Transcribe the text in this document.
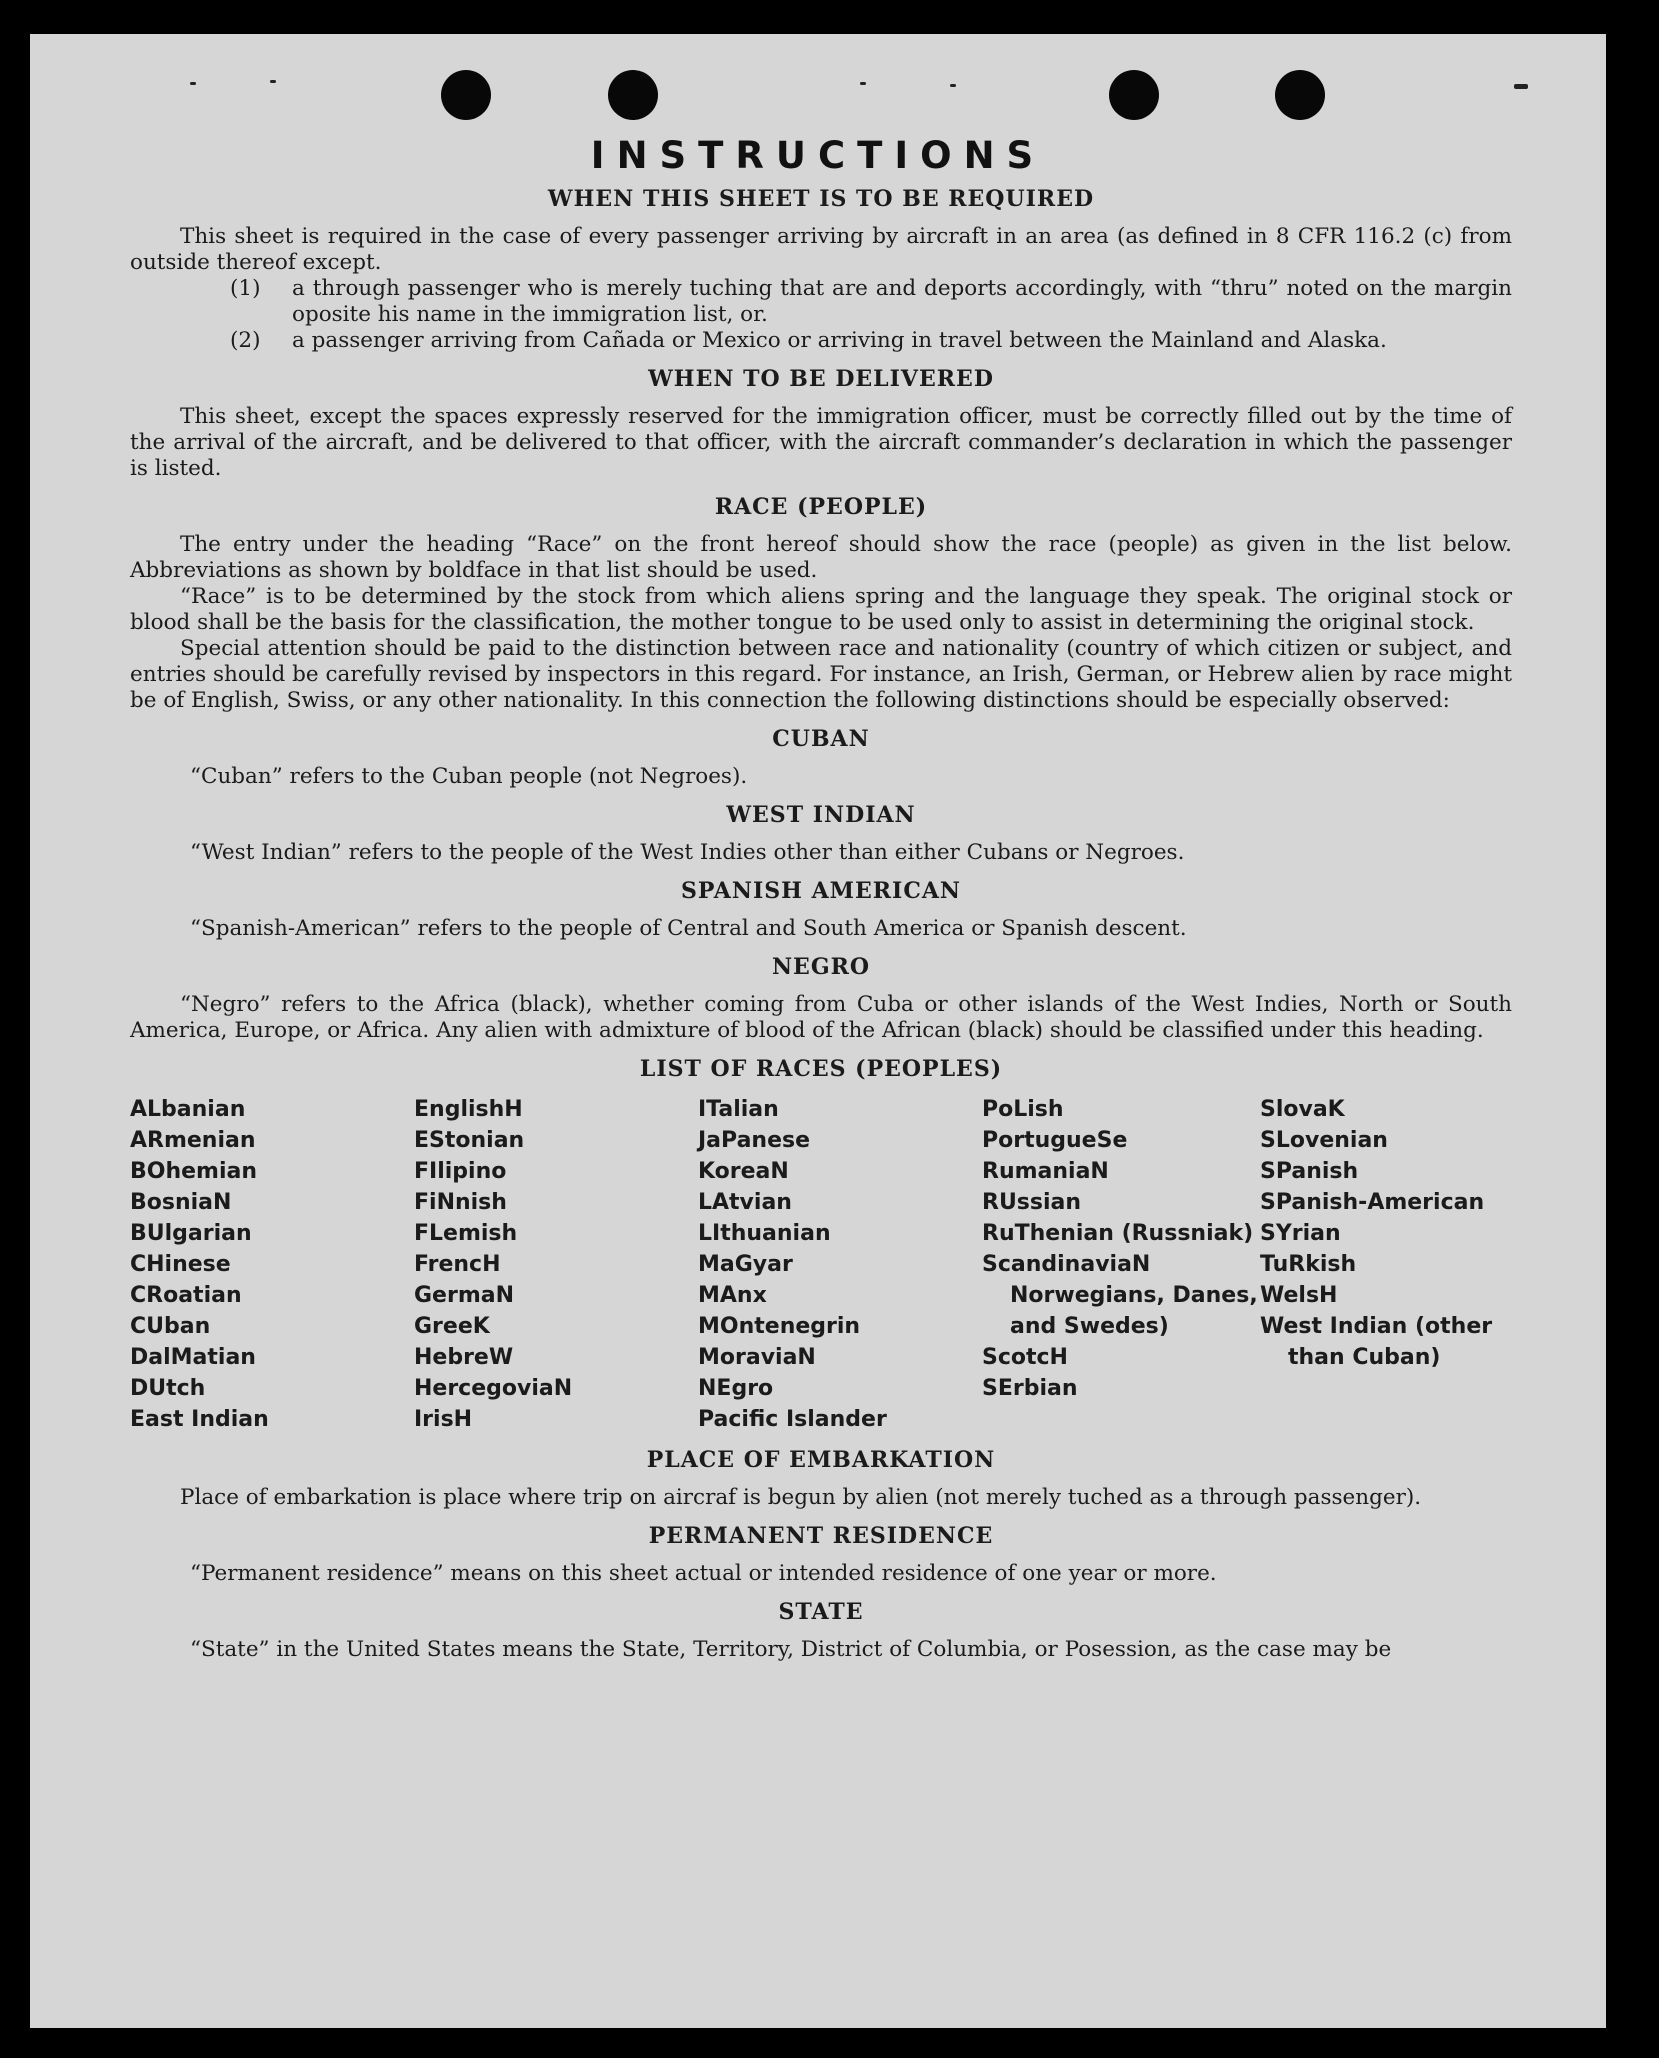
INSTRUCTIONS
WHEN THIS SHEET IS TO BE REQUIRED

This sheet is required in the case of every passenger arriving by aircraft in an area (as defined in 8 CFR 116.2 (c) from outside thereof except.

(1)	a through passenger who is merely tuching that are and deports accordingly, with “thru” noted on the margin oposite his name in the immigration list, or.
(2)	a passenger arriving from Cañada or Mexico or arriving in travel between the Mainland and Alaska.
WHEN TO BE DELIVERED

This sheet, except the spaces expressly reserved for the immigration officer, must be correctly filled out by the time of the arrival of the aircraft, and be delivered to that officer, with the aircraft commander’s declaration in which the passenger is listed.

RACE (PEOPLE)

The entry under the heading “Race” on the front hereof should show the race (people) as given in the list below. Abbreviations as shown by boldface in that list should be used.

“Race” is to be determined by the stock from which aliens spring and the language they speak. The original stock or blood shall be the basis for the classification, the mother tongue to be used only to assist in determining the original stock.

Special attention should be paid to the distinction between race and nationality (country of which citizen or subject, and entries should be carefully revised by inspectors in this regard. For instance, an Irish, German, or Hebrew alien by race might be of English, Swiss, or any other nationality. In this connection the following distinctions should be especially observed:

CUBAN

“Cuban” refers to the Cuban people (not Negroes).

WEST INDIAN

“West Indian” refers to the people of the West Indies other than either Cubans or Negroes.

SPANISH AMERICAN

“Spanish-American” refers to the people of Central and South America or Spanish descent.

NEGRO

“Negro” refers to the Africa (black), whether coming from Cuba or other islands of the West Indies, North or South America, Europe, or Africa. Any alien with admixture of blood of the African (black) should be classified under this heading.

LIST OF RACES (PEOPLES)
ALbanian
ARmenian
BOhemian
BosniaN
BUlgarian
CHinese
CRoatian
CUban
DalMatian
DUtch
East Indian
EnglishH
EStonian
FIlipino
FiNnish
FLemish
FrencH
GermaN
GreeK
HebreW
HercegoviaN
IrisH
ITalian
JaPanese
KoreaN
LAtvian
LIthuanian
MaGyar
MAnx
MOntenegrin
MoraviaN
NEgro
Pacific Islander
PoLish
PortugueSe
RumaniaN
RUssian
RuThenian (Russniak)
ScandinaviaN Norwegians, Danes, and Swedes)
ScotcH
SErbian
SlovaK
SLovenian
SPanish
SPanish-American
SYrian
TuRkish
WelsH
West Indian (other than Cuban)
PLACE OF EMBARKATION

Place of embarkation is place where trip on aircraf is begun by alien (not merely tuched as a through passenger).

PERMANENT RESIDENCE

“Permanent residence” means on this sheet actual or intended residence of one year or more.

STATE

“State” in the United States means the State, Territory, District of Columbia, or Posession, as the case may be
